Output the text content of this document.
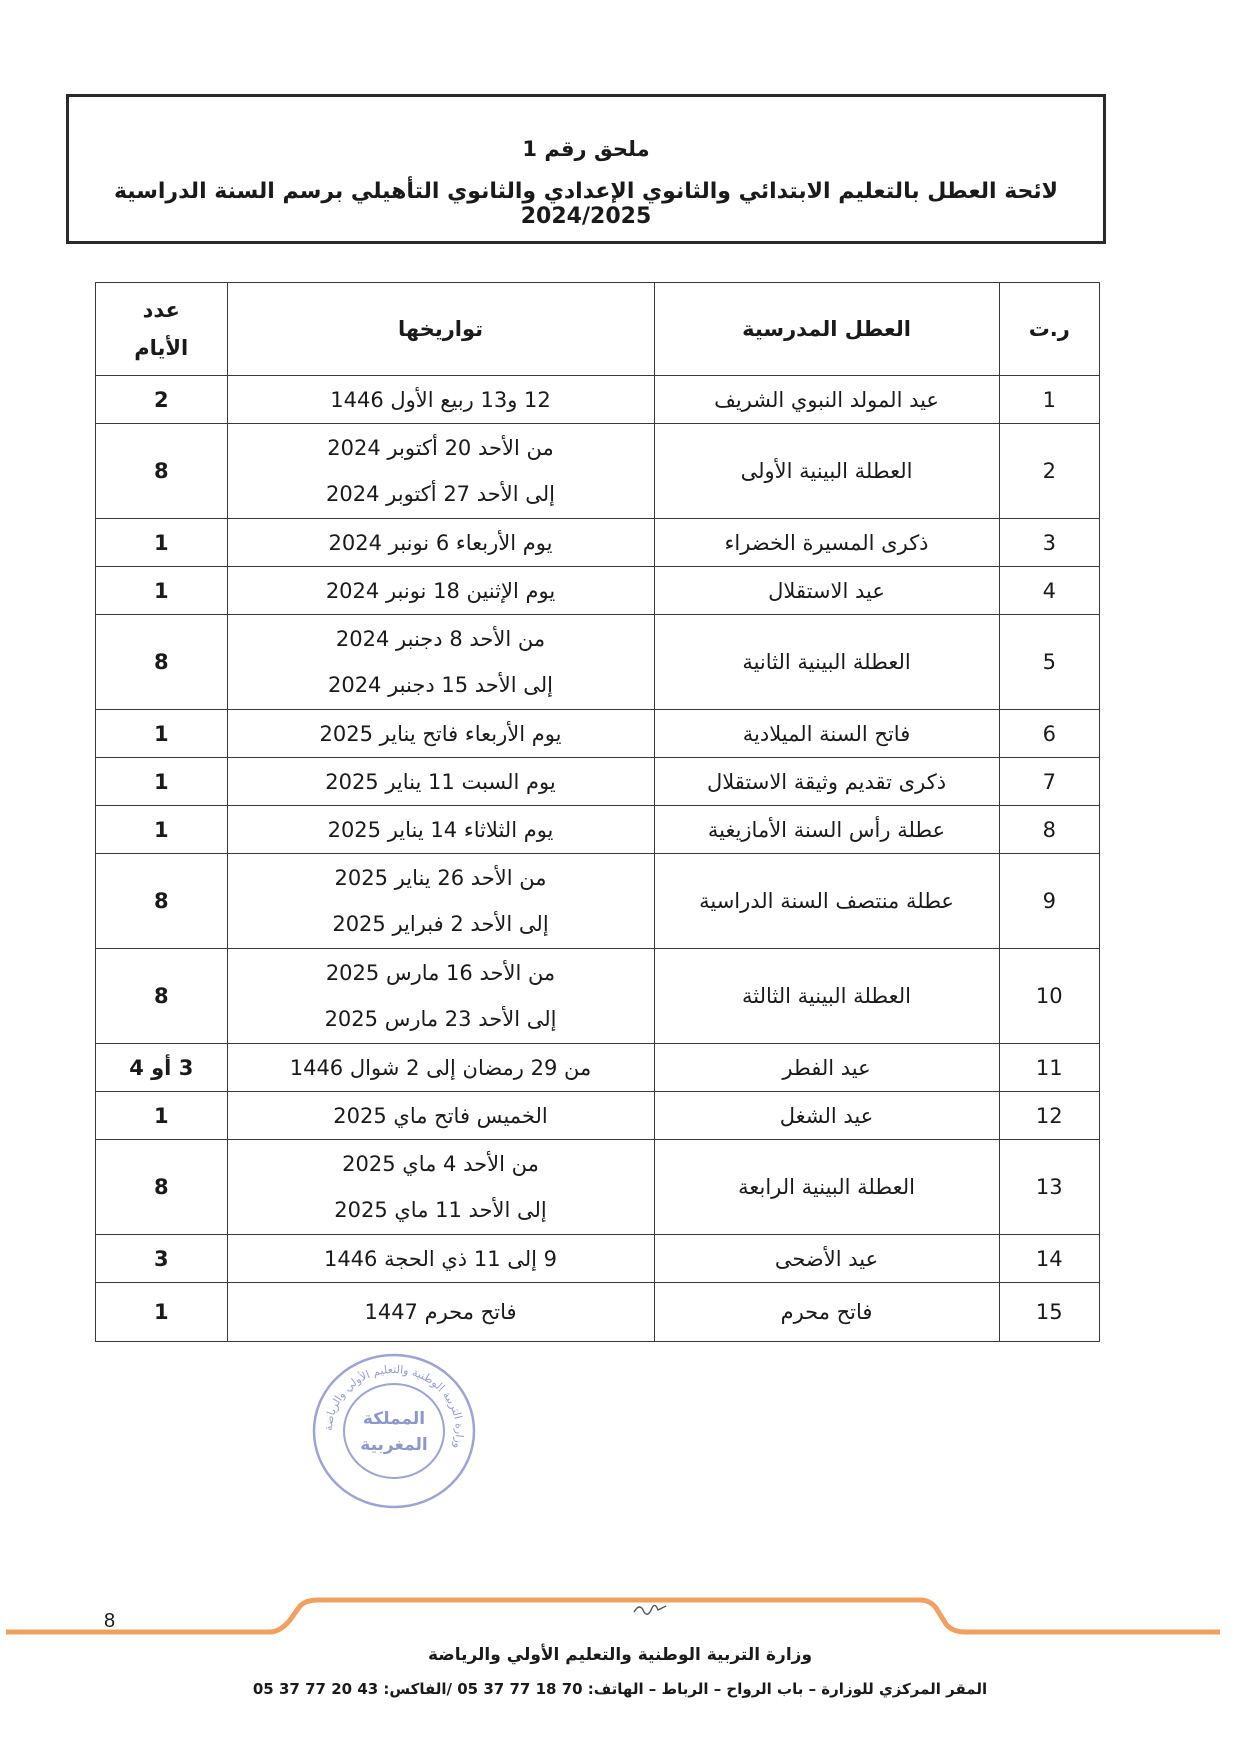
ملحق رقم 1
لائحة العطل بالتعليم الابتدائي والثانوي الإعدادي والثانوي التأهيلي برسم السنة الدراسية 2024/2025
ر.ت	العطل المدرسية	تواريخها	عدد
الأيام

1	عيد المولد النبوي الشريف	12 و13 ربيع الأول 1446	2
2	العطلة البينية الأولى	من الأحد 20 أكتوبر 2024
إلى الأحد 27 أكتوبر 2024	8
3	ذكرى المسيرة الخضراء	يوم الأربعاء 6 نونبر 2024	1
4	عيد الاستقلال	يوم الإثنين 18 نونبر 2024	1
5	العطلة البينية الثانية	من الأحد 8 دجنبر 2024
إلى الأحد 15 دجنبر 2024	8
6	فاتح السنة الميلادية	يوم الأربعاء فاتح يناير 2025	1
7	ذكرى تقديم وثيقة الاستقلال	يوم السبت 11 يناير 2025	1
8	عطلة رأس السنة الأمازيغية	يوم الثلاثاء 14 يناير 2025	1
9	عطلة منتصف السنة الدراسية	من الأحد 26 يناير 2025
إلى الأحد 2 فبراير 2025	8
10	العطلة البينية الثالثة	من الأحد 16 مارس 2025
إلى الأحد 23 مارس 2025	8
11	عيد الفطر	من 29 رمضان إلى 2 شوال 1446	3 أو 4
12	عيد الشغل	الخميس فاتح ماي 2025	1
13	العطلة البينية الرابعة	من الأحد 4 ماي 2025
إلى الأحد 11 ماي 2025	8
14	عيد الأضحى	9 إلى 11 ذي الحجة 1446	3
15	فاتح محرم	فاتح محرم 1447	1
وزارة التربية الوطنية والتعليم الأولي والرياضة
المملكة
المغربية
8
وزارة التربية الوطنية والتعليم الأولي والرياضة
المقر المركزي للوزارة – باب الرواح – الرباط – الهاتف: 70 18 77 37 05 /الفاكس: 43 20 77 37 05
